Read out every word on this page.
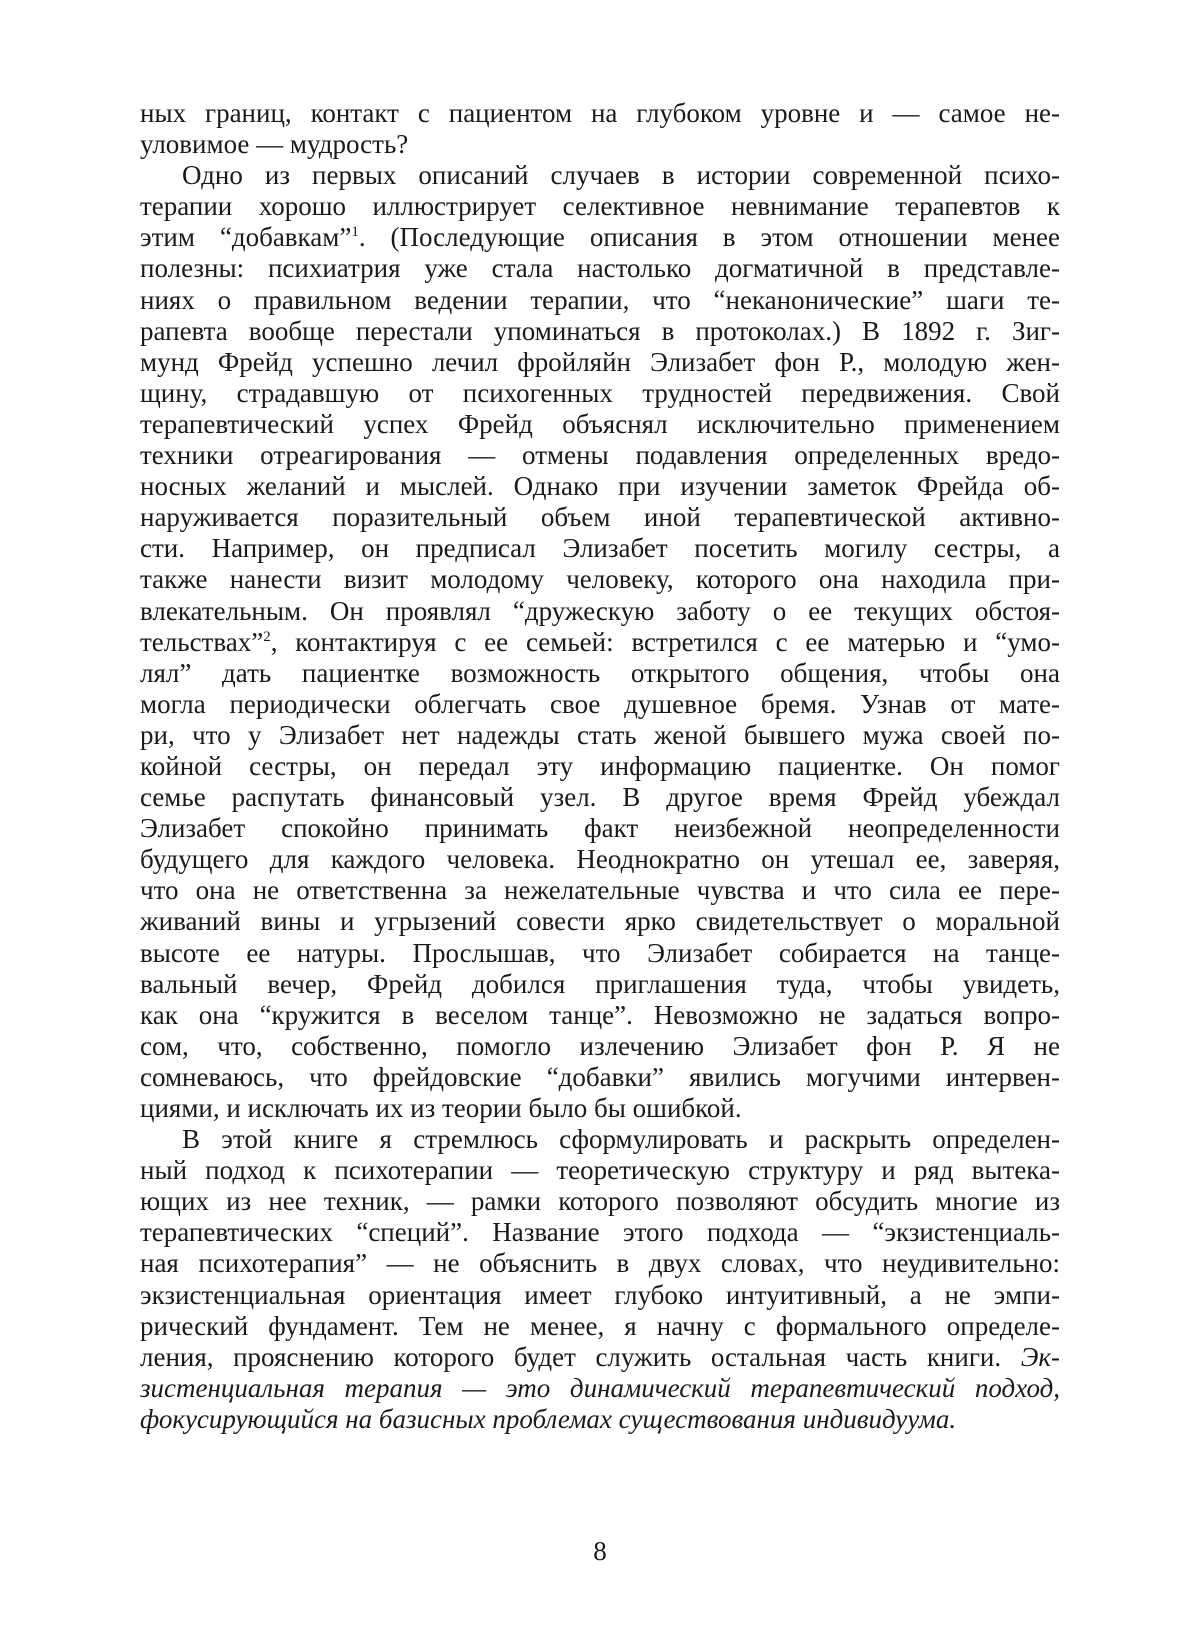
ных границ, контакт с пациентом на глубоком уровне и — самое не-
уловимое — мудрость?
Одно из первых описаний случаев в истории современной психо-
терапии хорошо иллюстрирует селективное невнимание терапевтов к
этим “добавкам”$^1$. (Последующие описания в этом отношении менее
полезны: психиатрия уже стала настолько догматичной в представле-
ниях о правильном ведении терапии, что “неканонические” шаги те-
рапевта вообще перестали упоминаться в протоколах.) В 1892 г. Зиг-
мунд Фрейд успешно лечил фройляйн Элизабет фон Р., молодую жен-
щину, страдавшую от психогенных трудностей передвижения. Свой
терапевтический успех Фрейд объяснял исключительно применением
техники отреагирования — отмены подавления определенных вредо-
носных желаний и мыслей. Однако при изучении заметок Фрейда об-
наруживается поразительный объем иной терапевтической активно-
сти. Например, он предписал Элизабет посетить могилу сестры, а
также нанести визит молодому человеку, которого она находила при-
влекательным. Он проявлял “дружескую заботу о ее текущих обстоя-
тельствах”$^2$, контактируя с ее семьей: встретился с ее матерью и “умо-
лял” дать пациентке возможность открытого общения, чтобы она
могла периодически облегчать свое душевное бремя. Узнав от мате-
ри, что у Элизабет нет надежды стать женой бывшего мужа своей по-
койной сестры, он передал эту информацию пациентке. Он помог
семье распутать финансовый узел. В другое время Фрейд убеждал
Элизабет спокойно принимать факт неизбежной неопределенности
будущего для каждого человека. Неоднократно он утешал ее, заверяя,
что она не ответственна за нежелательные чувства и что сила ее пере-
живаний вины и угрызений совести ярко свидетельствует о моральной
высоте ее натуры. Прослышав, что Элизабет собирается на танце-
вальный вечер, Фрейд добился приглашения туда, чтобы увидеть,
как она “кружится в веселом танце”. Невозможно не задаться вопро-
сом, что, собственно, помогло излечению Элизабет фон Р. Я не
сомневаюсь, что фрейдовские “добавки” явились могучими интервен-
циями, и исключать их из теории было бы ошибкой.
В этой книге я стремлюсь сформулировать и раскрыть определен-
ный подход к психотерапии — теоретическую структуру и ряд вытека-
ющих из нее техник, — рамки которого позволяют обсудить многие из
терапевтических “специй”. Название этого подхода — “экзистенциаль-
ная психотерапия” — не объяснить в двух словах, что неудивительно:
экзистенциальная ориентация имеет глубоко интуитивный, а не эмпи-
рический фундамент. Тем не менее, я начну с формального определе-
ления, прояснению которого будет служить остальная часть книги. Эк-
зистенциальная терапия — это динамический терапевтический подход,
фокусирующийся на базисных проблемах существования индивидуума.
8
